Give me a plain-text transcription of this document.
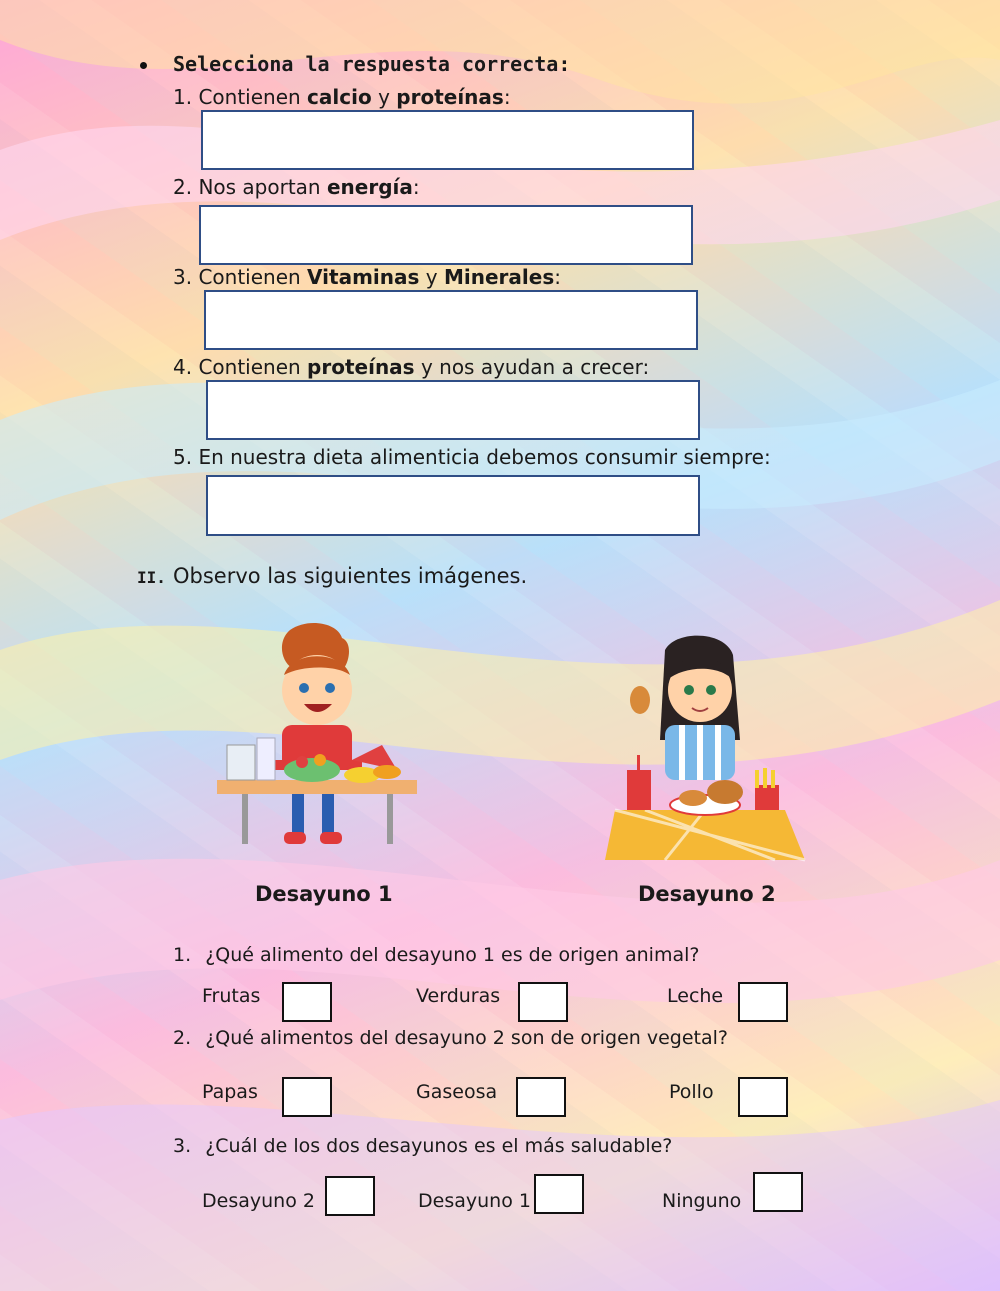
Selecciona la respuesta correcta:
1. Contienen calcio y proteínas:
2. Nos aportan energía:
3. Contienen Vitaminas y Minerales:
4. Contienen proteínas y nos ayudan a crecer:
5. En nuestra dieta alimenticia debemos consumir siempre:
II. Observo las siguientes imágenes.
Desayuno 1	Desayuno 2
1. ¿Qué alimento del desayuno 1 es de origen animal?
Frutas	Verduras	Leche
2. ¿Qué alimentos del desayuno 2 son de origen vegetal?
Papas	Gaseosa	Pollo
3. ¿Cuál de los dos desayunos es el más saludable?
Desayuno 2	Desayuno 1	Ninguno
